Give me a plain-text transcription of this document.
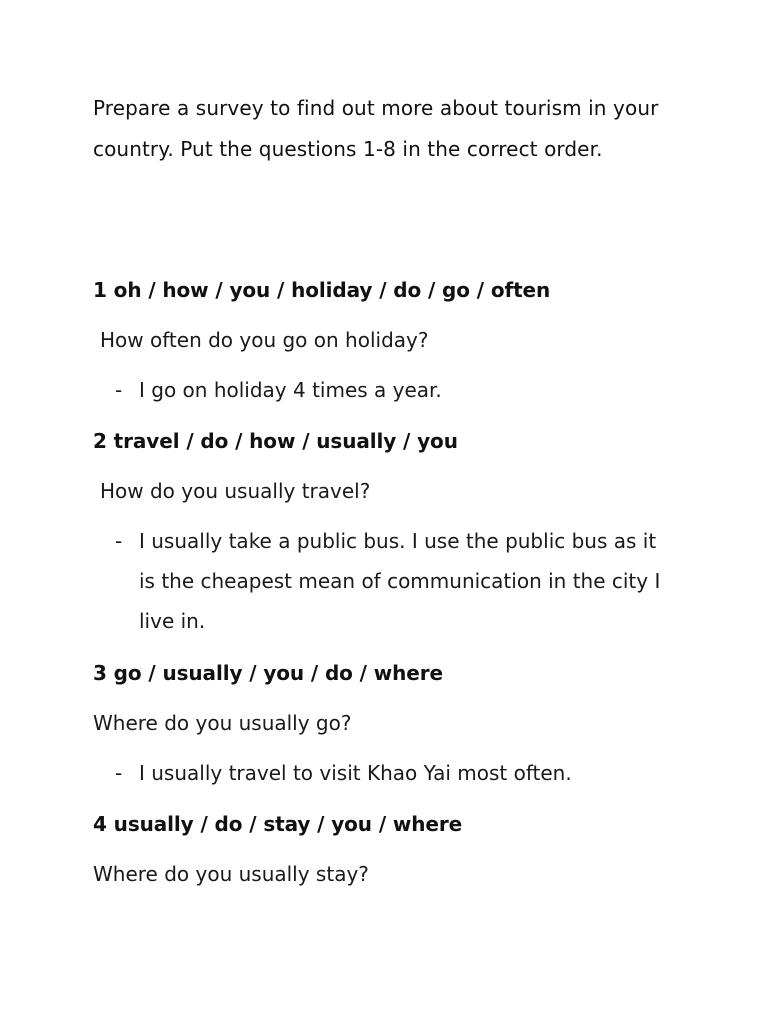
Prepare a survey to find out more about tourism in your country. Put the questions 1-8 in the correct order.
1 oh / how / you / holiday / do / go / often
How often do you go on holiday?
- I go on holiday 4 times a year.
2 travel / do / how / usually / you
How do you usually travel?
- I usually take a public bus. I use the public bus as it is the cheapest mean of communication in the city I live in.
3 go / usually / you / do / where
Where do you usually go?
- I usually travel to visit Khao Yai most often.
4 usually / do / stay / you / where
Where do you usually stay?
